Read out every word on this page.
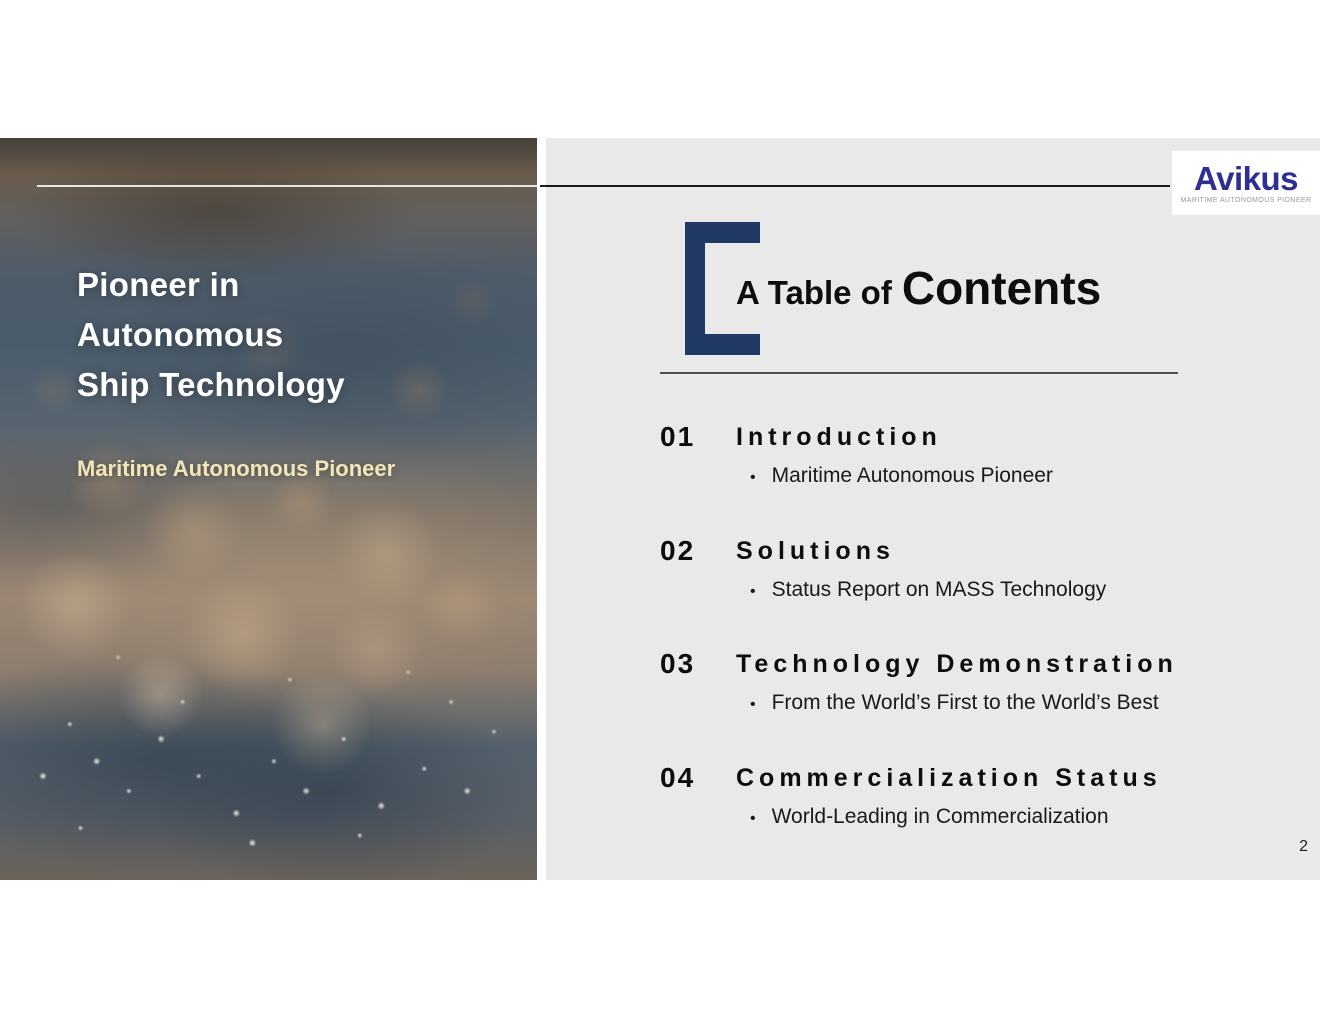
Pioneer in
Autonomous
Ship Technology
Maritime Autonomous Pioneer
Avikus
MARITIME AUTONOMOUS PIONEER
A Table of Contents
01	Introduction
• Maritime Autonomous Pioneer
02	Solutions
• Status Report on MASS Technology
03	Technology Demonstration
• From the World’s First to the World’s Best
04	Commercialization Status
• World-Leading in Commercialization
2
